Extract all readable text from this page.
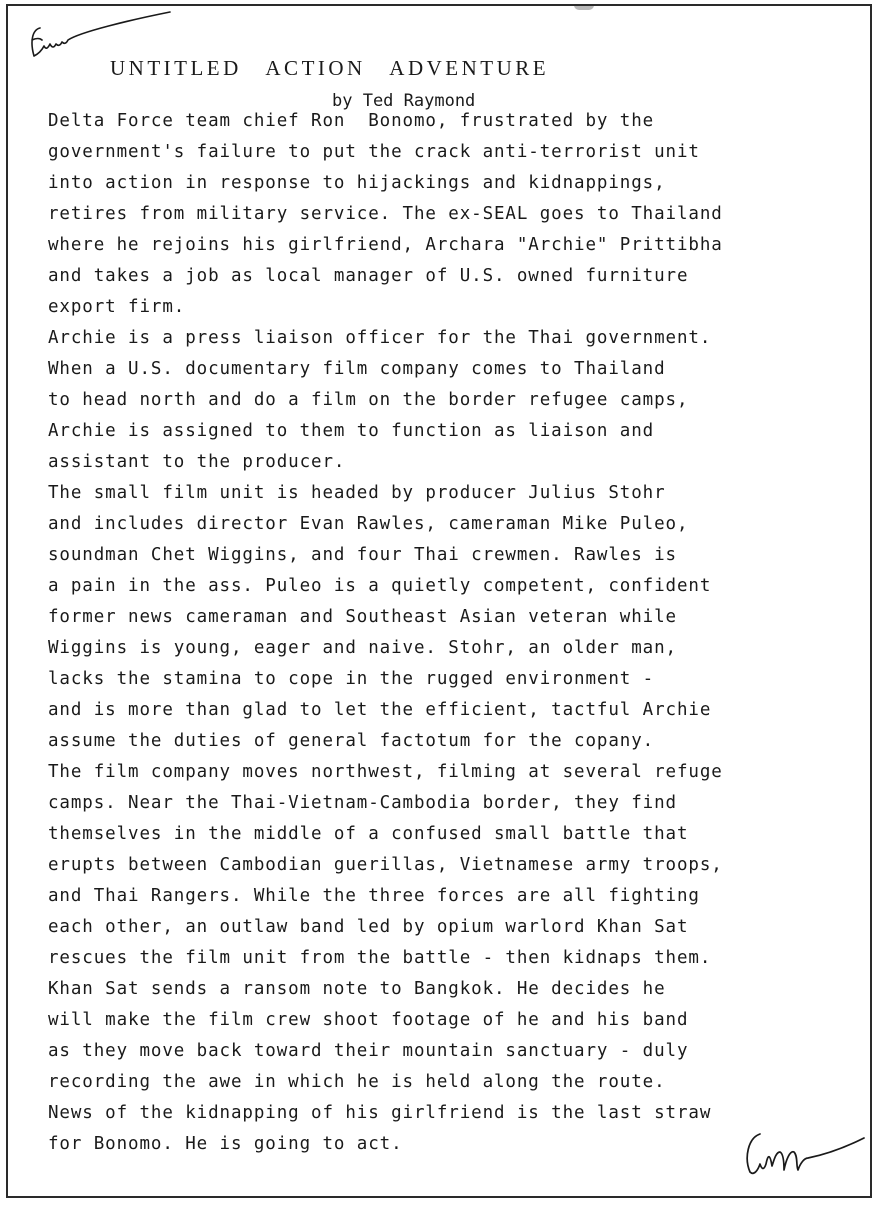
UNTITLED ACTION ADVENTURE
by Ted Raymond
Delta Force team chief Ron  Bonomo, frustrated by the
government's failure to put the crack anti-terrorist unit
into action in response to hijackings and kidnappings,
retires from military service. The ex-SEAL goes to Thailand
where he rejoins his girlfriend, Archara "Archie" Prittibha
and takes a job as local manager of U.S. owned furniture
export firm.
Archie is a press liaison officer for the Thai government.
When a U.S. documentary film company comes to Thailand
to head north and do a film on the border refugee camps,
Archie is assigned to them to function as liaison and
assistant to the producer.
The small film unit is headed by producer Julius Stohr
and includes director Evan Rawles, cameraman Mike Puleo,
soundman Chet Wiggins, and four Thai crewmen. Rawles is
a pain in the ass. Puleo is a quietly competent, confident
former news cameraman and Southeast Asian veteran while
Wiggins is young, eager and naive. Stohr, an older man,
lacks the stamina to cope in the rugged environment -
and is more than glad to let the efficient, tactful Archie
assume the duties of general factotum for the copany.
The film company moves northwest, filming at several refuge
camps. Near the Thai-Vietnam-Cambodia border, they find
themselves in the middle of a confused small battle that
erupts between Cambodian guerillas, Vietnamese army troops,
and Thai Rangers. While the three forces are all fighting
each other, an outlaw band led by opium warlord Khan Sat
rescues the film unit from the battle - then kidnaps them.
Khan Sat sends a ransom note to Bangkok. He decides he
will make the film crew shoot footage of he and his band
as they move back toward their mountain sanctuary - duly
recording the awe in which he is held along the route.
News of the kidnapping of his girlfriend is the last straw
for Bonomo. He is going to act.
